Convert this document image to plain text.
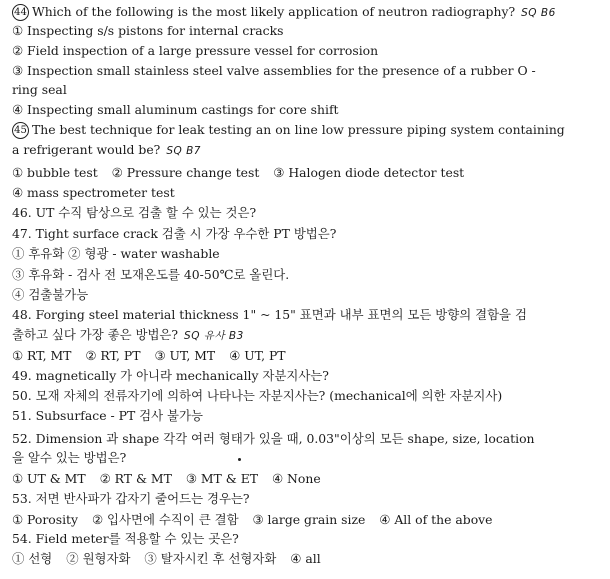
44 Which of the following is the most likely application of neutron radiography? SQ B6
① Inspecting s/s pistons for internal cracks
② Field inspection of a large pressure vessel for corrosion
③ Inspection small stainless steel valve assemblies for the presence of a rubber O -
ring seal
④ Inspecting small aluminum castings for core shift
45 The best technique for leak testing an on line low pressure piping system containing
a refrigerant would be? SQ B7
① bubble test ② Pressure change test ③ Halogen diode detector test
④ mass spectrometer test
46. UT 수직 탐상으로 검출 할 수 있는 것은?
47. Tight surface crack 검출 시 가장 우수한 PT 방법은?
① 후유화 ② 형광 - water washable
③ 후유화 - 검사 전 모재온도를 40-50℃로 올린다.
④ 검출불가능
48. Forging steel material thickness 1" ~ 15" 표면과 내부 표면의 모든 방향의 결함을 검
출하고 싶다 가장 좋은 방법은? SQ 유사 B3
① RT, MT ② RT, PT ③ UT, MT ④ UT, PT
49. magnetically 가 아니라 mechanically 자분지사는?
50. 모재 자체의 전류자기에 의하여 나타나는 자분지사는? (mechanical에 의한 자분지사)
51. Subsurface - PT 검사 불가능
52. Dimension 과 shape 각각 여러 형태가 있을 때, 0.03"이상의 모든 shape, size, location
을 알수 있는 방법은?
① UT & MT ② RT & MT ③ MT & ET ④ None
53. 저면 반사파가 갑자기 줄어드는 경우는?
① Porosity ② 입사면에 수직이 큰 결함 ③ large grain size ④ All of the above
54. Field meter를 적용할 수 있는 곳은?
① 선형 ② 원형자화 ③ 탈자시킨 후 선형자화 ④ all
